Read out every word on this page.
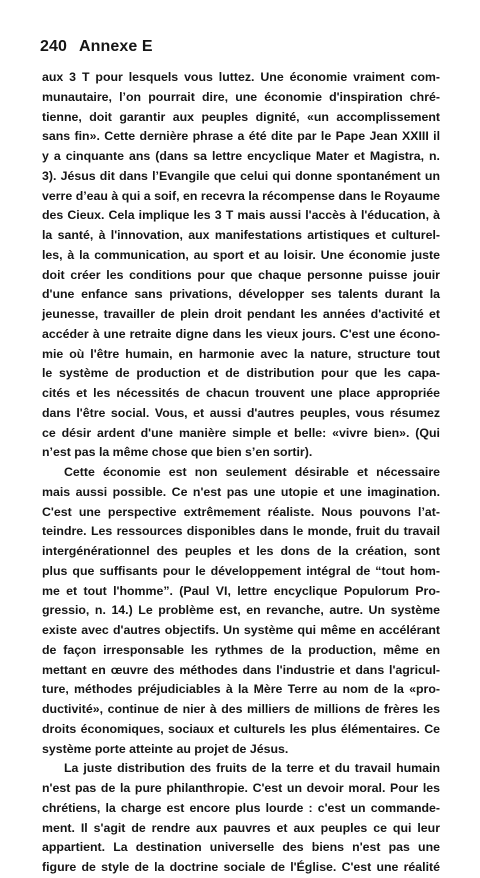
240 Annexe E
aux 3 T pour lesquels vous luttez. Une économie vraiment com-
munautaire, l’on pourrait dire, une économie d'inspiration chré-
tienne, doit garantir aux peuples dignité, «un accomplissement
sans fin». Cette dernière phrase a été dite par le Pape Jean XXIII il
y a cinquante ans (dans sa lettre encyclique Mater et Magistra, n.
3). Jésus dit dans l’Evangile que celui qui donne spontanément un
verre d’eau à qui a soif, en recevra la récompense dans le Royaume
des Cieux. Cela implique les 3 T mais aussi l'accès à l'éducation, à
la santé, à l'innovation, aux manifestations artistiques et culturel-
les, à la communication, au sport et au loisir. Une économie juste
doit créer les conditions pour que chaque personne puisse jouir
d'une enfance sans privations, développer ses talents durant la
jeunesse, travailler de plein droit pendant les années d'activité et
accéder à une retraite digne dans les vieux jours. C'est une écono-
mie où l'être humain, en harmonie avec la nature, structure tout
le système de production et de distribution pour que les capa-
cités et les nécessités de chacun trouvent une place appropriée
dans l'être social. Vous, et aussi d'autres peuples, vous résumez
ce désir ardent d'une manière simple et belle: «vivre bien». (Qui
n’est pas la même chose que bien s’en sortir).
Cette économie est non seulement désirable et nécessaire
mais aussi possible. Ce n'est pas une utopie et une imagination.
C'est une perspective extrêmement réaliste. Nous pouvons l’at-
teindre. Les ressources disponibles dans le monde, fruit du travail
intergénérationnel des peuples et les dons de la création, sont
plus que suffisants pour le développement intégral de “tout hom-
me et tout l'homme”. (Paul VI, lettre encyclique Populorum Pro-
gressio, n. 14.) Le problème est, en revanche, autre. Un système
existe avec d'autres objectifs. Un système qui même en accélérant
de façon irresponsable les rythmes de la production, même en
mettant en œuvre des méthodes dans l'industrie et dans l'agricul-
ture, méthodes préjudiciables à la Mère Terre au nom de la «pro-
ductivité», continue de nier à des milliers de millions de frères les
droits économiques, sociaux et culturels les plus élémentaires. Ce
système porte atteinte au projet de Jésus.
La juste distribution des fruits de la terre et du travail humain
n'est pas de la pure philanthropie. C'est un devoir moral. Pour les
chrétiens, la charge est encore plus lourde : c'est un commande-
ment. Il s'agit de rendre aux pauvres et aux peuples ce qui leur
appartient. La destination universelle des biens n'est pas une
figure de style de la doctrine sociale de l'Église. C'est une réalité
